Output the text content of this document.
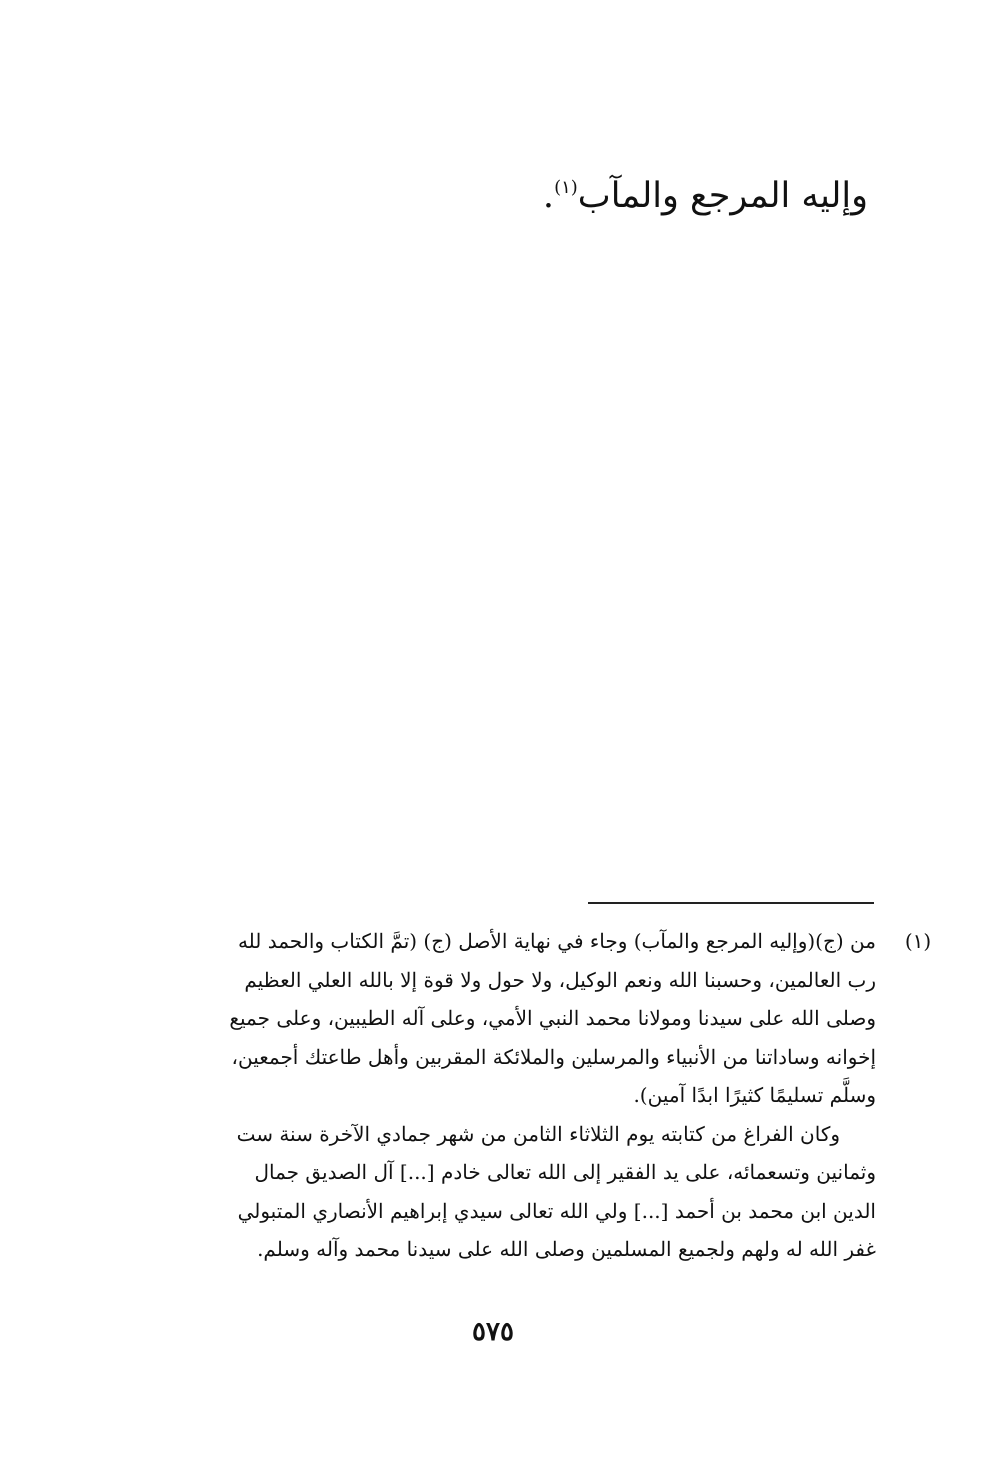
وإليه المرجع والمآب$^{(١)}$.
(١)
من (ج)(وإليه المرجع والمآب) وجاء في نهاية الأصل (ج) (تمَّ الكتاب والحمد لله
رب العالمين، وحسبنا الله ونعم الوكيل، ولا حول ولا قوة إلا بالله العلي العظيم
وصلى الله على سيدنا ومولانا محمد النبي الأمي، وعلى آله الطيبين، وعلى جميع
إخوانه وساداتنا من الأنبياء والمرسلين والملائكة المقربين وأهل طاعتك أجمعين،
وسلَّم تسليمًا كثيرًا ابدًا آمين).
وكان الفراغ من كتابته يوم الثلاثاء الثامن من شهر جمادي الآخرة سنة ست
وثمانين وتسعمائه، على يد الفقير إلى الله تعالى خادم [...] آل الصديق جمال
الدين ابن محمد بن أحمد [...] ولي الله تعالى سيدي إبراهيم الأنصاري المتبولي
غفر الله له ولهم ولجميع المسلمين وصلى الله على سيدنا محمد وآله وسلم.
٥٧٥
